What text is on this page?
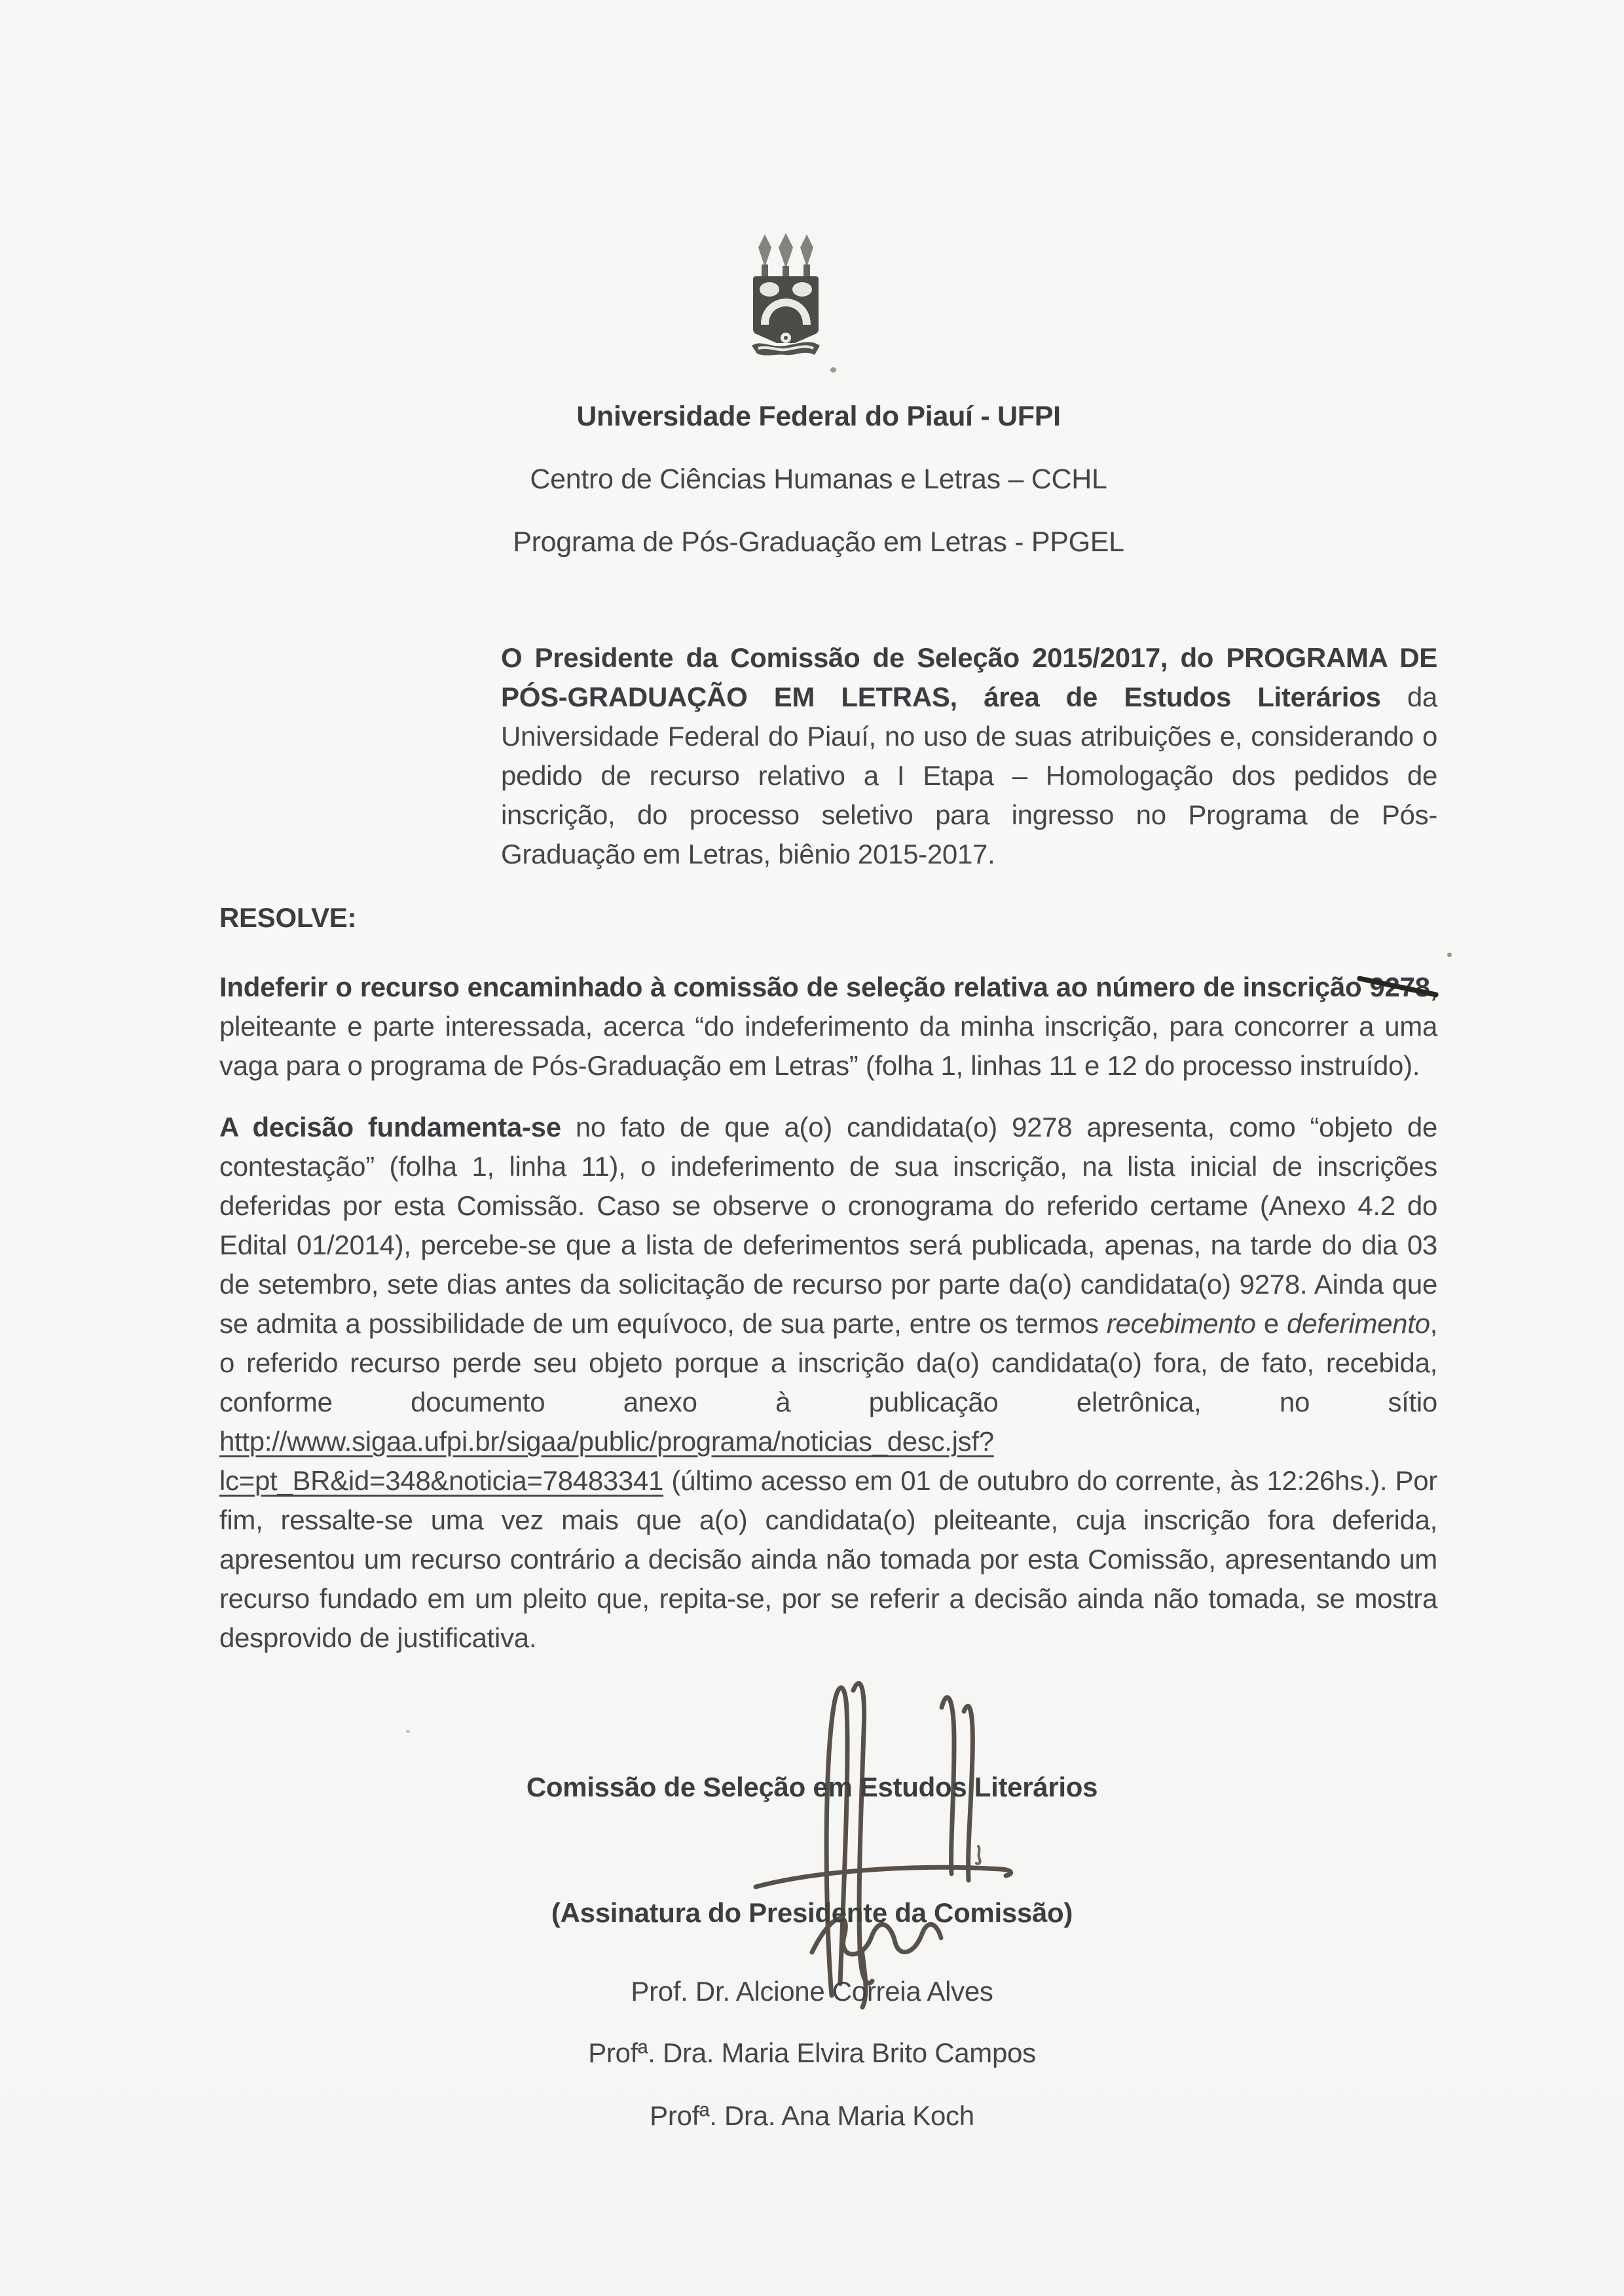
Universidade Federal do Piauí - UFPI
Centro de Ciências Humanas e Letras – CCHL
Programa de Pós-Graduação em Letras - PPGEL

O Presidente da Comissão de Seleção 2015/2017, do PROGRAMA DE PÓS-GRADUAÇÃO EM LETRAS, área de Estudos Literários da Universidade Federal do Piauí, no uso de suas atribuições e, considerando o pedido de recurso relativo a I Etapa – Homologação dos pedidos de inscrição, do processo seletivo para ingresso no Programa de Pós-Graduação em Letras, biênio 2015-2017.

RESOLVE:

Indeferir o recurso encaminhado à comissão de seleção relativa ao número de inscrição 9278, pleiteante e parte interessada, acerca “do indeferimento da minha inscrição, para concorrer a uma vaga para o programa de Pós-Graduação em Letras” (folha 1, linhas 11 e 12 do processo instruído).

A decisão fundamenta-se no fato de que a(o) candidata(o) 9278 apresenta, como “objeto de contestação” (folha 1, linha 11), o indeferimento de sua inscrição, na lista inicial de inscrições deferidas por esta Comissão. Caso se observe o cronograma do referido certame (Anexo 4.2 do Edital 01/2014), percebe-se que a lista de deferimentos será publicada, apenas, na tarde do dia 03 de setembro, sete dias antes da solicitação de recurso por parte da(o) candidata(o) 9278. Ainda que se admita a possibilidade de um equívoco, de sua parte, entre os termos recebimento e deferimento, o referido recurso perde seu objeto porque a inscrição da(o) candidata(o) fora, de fato, recebida, conforme documento anexo à publicação eletrônica, no sítio http://www.sigaa.ufpi.br/sigaa/public/programa/noticias_desc.jsf?lc=pt_BR&id=348&noticia=78483341 (último acesso em 01 de outubro do corrente, às 12:26hs.). Por fim, ressalte-se uma vez mais que a(o) candidata(o) pleiteante, cuja inscrição fora deferida, apresentou um recurso contrário a decisão ainda não tomada por esta Comissão, apresentando um recurso fundado em um pleito que, repita-se, por se referir a decisão ainda não tomada, se mostra desprovido de justificativa.

Comissão de Seleção em Estudos Literários
(Assinatura do Presidente da Comissão)
Prof. Dr. Alcione Correia Alves
Profª. Dra. Maria Elvira Brito Campos
Profª. Dra. Ana Maria Koch
